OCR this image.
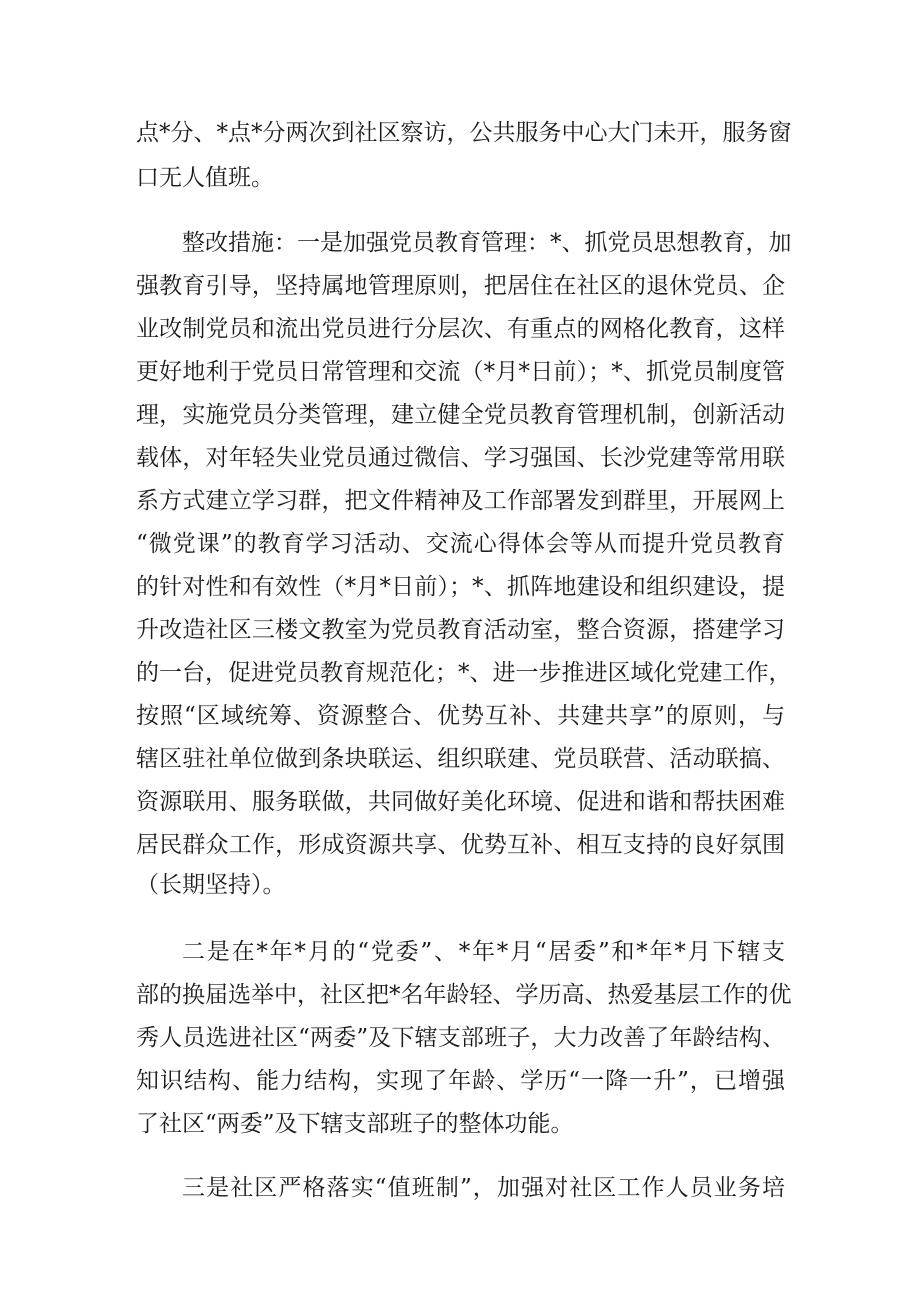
点*分、*点*分两次到社区察访，公共服务中心大门未开，服务窗
口无人值班。
整改措施：一是加强党员教育管理：*、抓党员思想教育，加
强教育引导，坚持属地管理原则，把居住在社区的退休党员、企
业改制党员和流出党员进行分层次、有重点的网格化教育，这样
更好地利于党员日常管理和交流（*月*日前）；*、抓党员制度管
理，实施党员分类管理，建立健全党员教育管理机制，创新活动
载体，对年轻失业党员通过微信、学习强国、长沙党建等常用联
系方式建立学习群，把文件精神及工作部署发到群里，开展网上
“微党课”的教育学习活动、交流心得体会等从而提升党员教育
的针对性和有效性（*月*日前）；*、抓阵地建设和组织建设，提
升改造社区三楼文教室为党员教育活动室，整合资源，搭建学习
的一台，促进党员教育规范化；*、进一步推进区域化党建工作，
按照“区域统筹、资源整合、优势互补、共建共享”的原则，与
辖区驻社单位做到条块联运、组织联建、党员联营、活动联搞、
资源联用、服务联做，共同做好美化环境、促进和谐和帮扶困难
居民群众工作，形成资源共享、优势互补、相互支持的良好氛围
（长期坚持）。
二是在*年*月的“党委”、*年*月“居委”和*年*月下辖支
部的换届选举中，社区把*名年龄轻、学历高、热爱基层工作的优
秀人员选进社区“两委”及下辖支部班子，大力改善了年龄结构、
知识结构、能力结构，实现了年龄、学历“一降一升”，已增强
了社区“两委”及下辖支部班子的整体功能。
三是社区严格落实“值班制”，加强对社区工作人员业务培
